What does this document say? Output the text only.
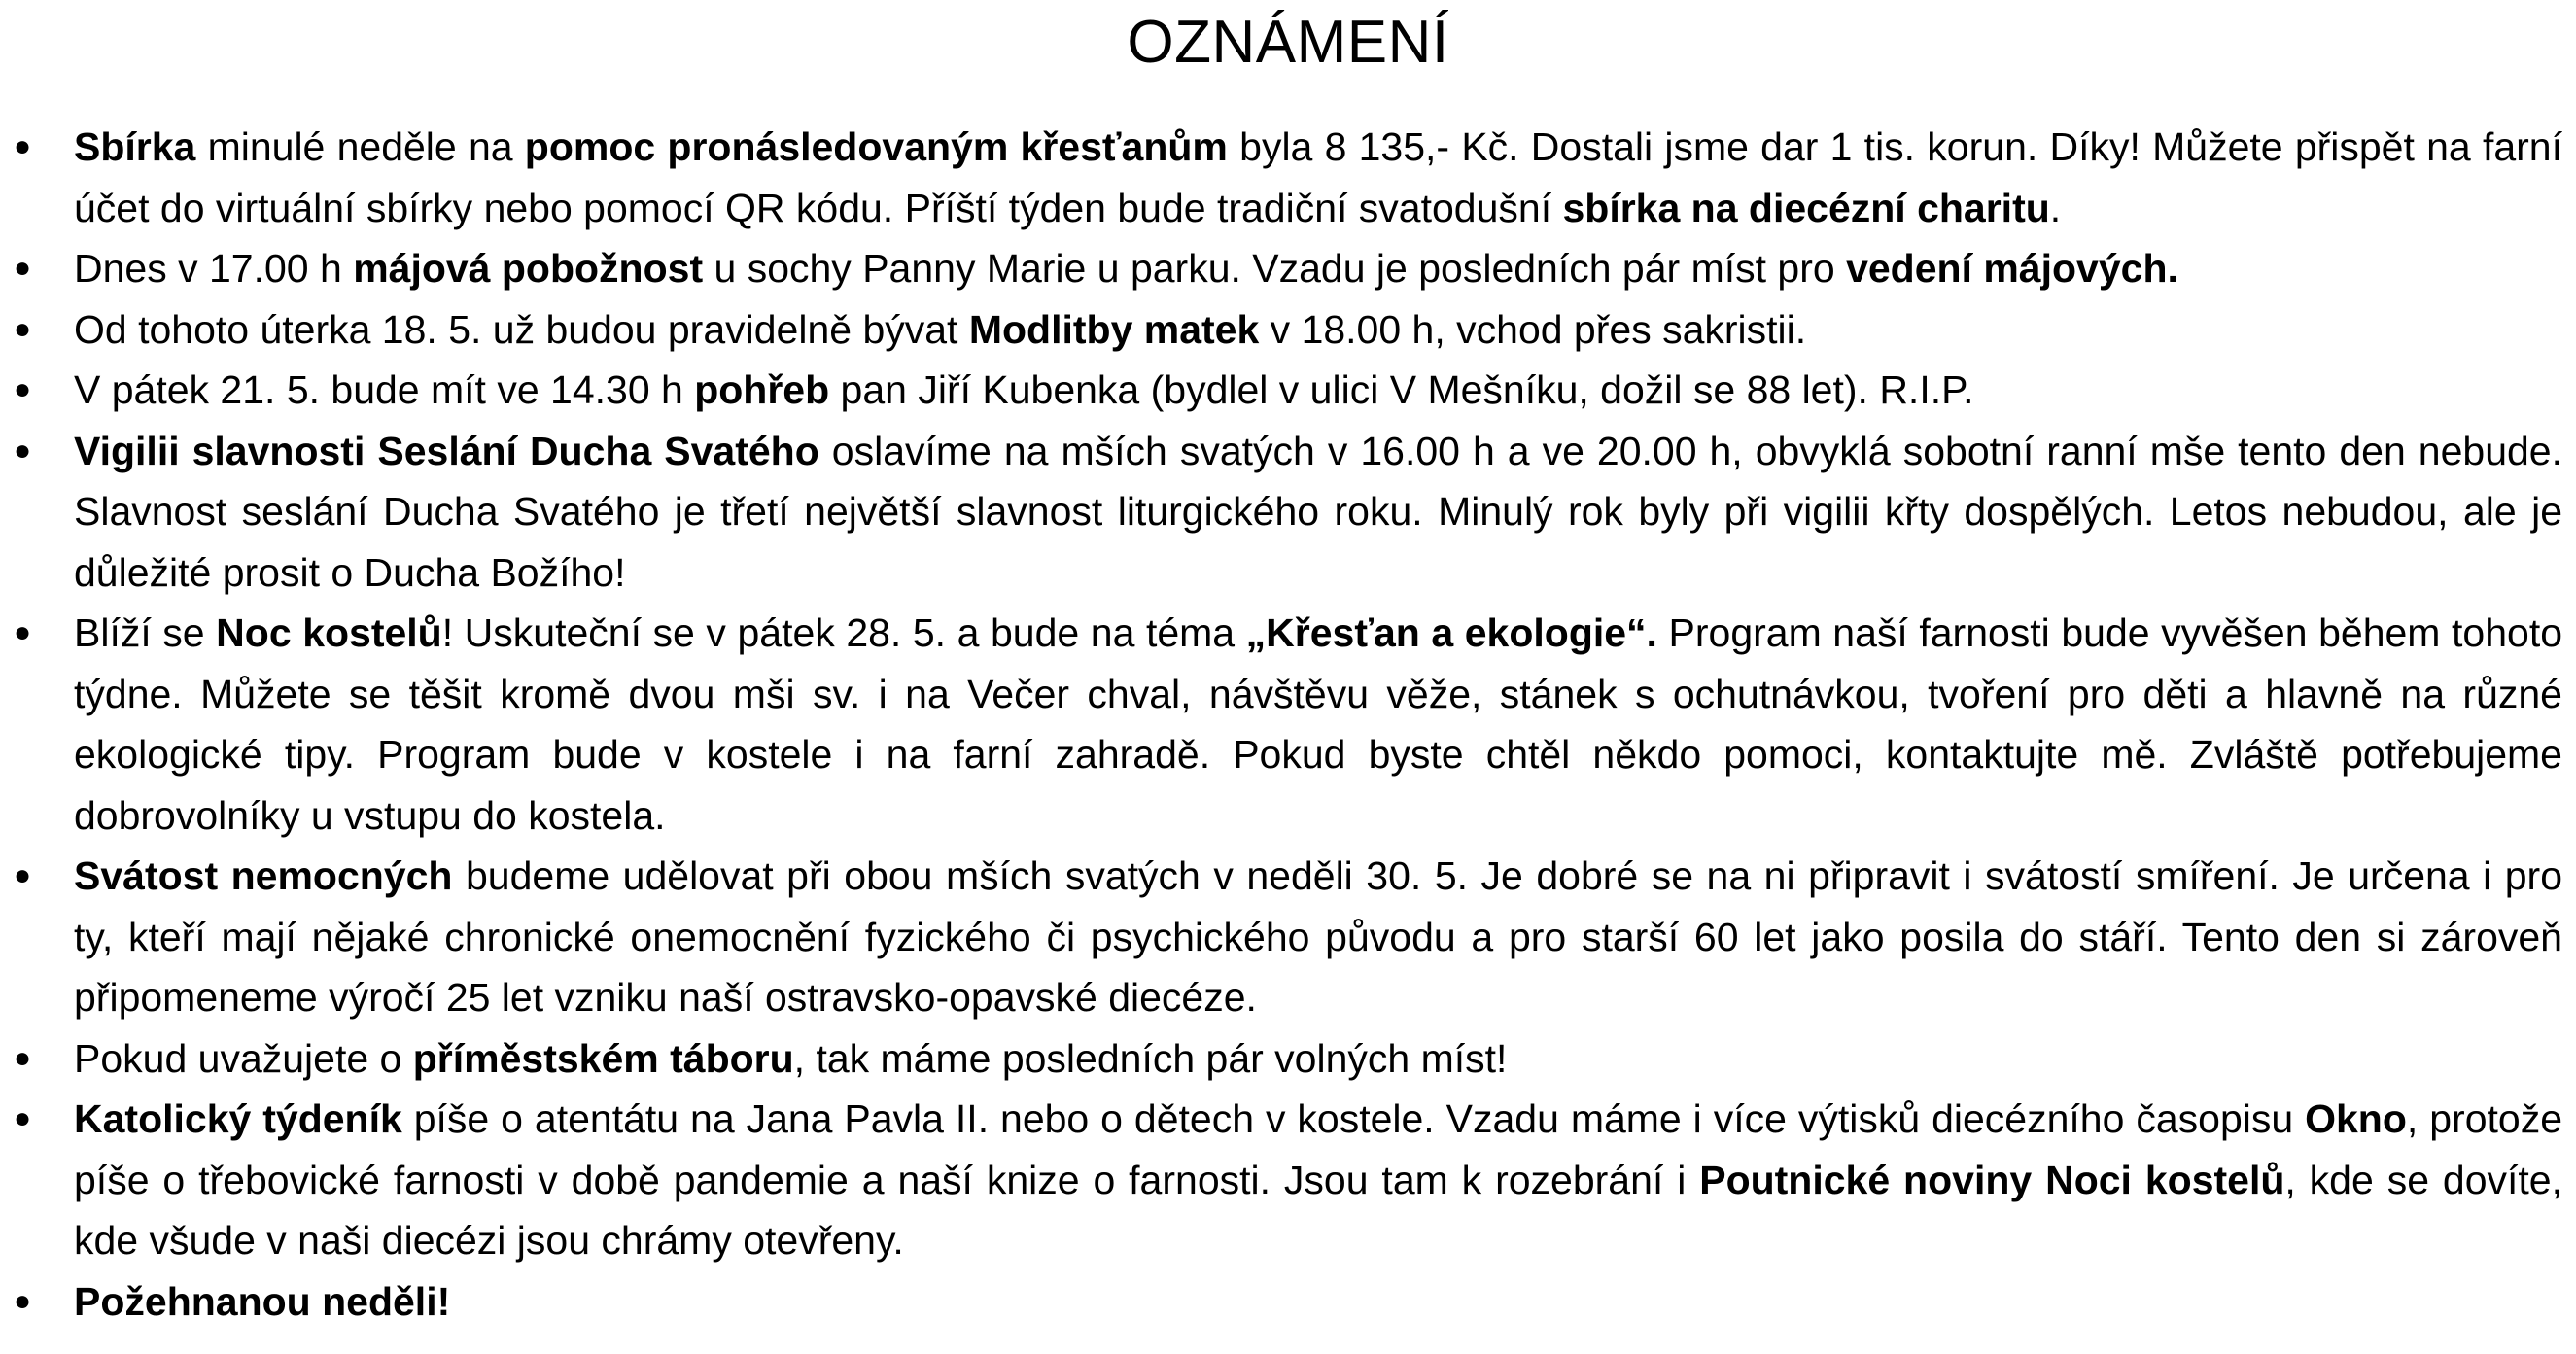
OZNÁMENÍ
●
Sbírka minulé neděle na pomoc pronásledovaným křesťanům byla 8 135,- Kč. Dostali jsme dar 1 tis. korun. Díky! Můžete přispět na farní účet do virtuální sbírky nebo pomocí QR kódu. Příští týden bude tradiční svatodušní sbírka na diecézní charitu.
●
Dnes v 17.00 h májová pobožnost u sochy Panny Marie u parku. Vzadu je posledních pár míst pro vedení májových.
●
Od tohoto úterka 18. 5. už budou pravidelně bývat Modlitby matek v 18.00 h, vchod přes sakristii.
●
V pátek 21. 5. bude mít ve 14.30 h pohřeb pan Jiří Kubenka (bydlel v ulici V Mešníku, dožil se 88 let). R.I.P.
●
Vigilii slavnosti Seslání Ducha Svatého oslavíme na mších svatých v 16.00 h a ve 20.00 h, obvyklá sobotní ranní mše tento den nebude. Slavnost seslání Ducha Svatého je třetí největší slavnost liturgického roku. Minulý rok byly při vigilii křty dospělých. Letos nebudou, ale je důležité prosit o Ducha Božího!
●
Blíží se Noc kostelů! Uskuteční se v pátek 28. 5. a bude na téma „Křesťan a ekologie“. Program naší farnosti bude vyvěšen během tohoto týdne. Můžete se těšit kromě dvou mši sv. i na Večer chval, návštěvu věže, stánek s ochutnávkou, tvoření pro děti a hlavně na různé ekologické tipy. Program bude v kostele i na farní zahradě. Pokud byste chtěl někdo pomoci, kontaktujte mě. Zvláště potřebujeme dobrovolníky u vstupu do kostela.
●
Svátost nemocných budeme udělovat při obou mších svatých v neděli 30. 5. Je dobré se na ni připravit i svátostí smíření. Je určena i pro ty, kteří mají nějaké chronické onemocnění fyzického či psychického původu a pro starší 60 let jako posila do stáří. Tento den si zároveň připomeneme výročí 25 let vzniku naší ostravsko-opavské diecéze.
●
Pokud uvažujete o příměstském táboru, tak máme posledních pár volných míst!
●
Katolický týdeník píše o atentátu na Jana Pavla II. nebo o dětech v kostele. Vzadu máme i více výtisků diecézního časopisu Okno, protože píše o třebovické farnosti v době pandemie a naší knize o farnosti. Jsou tam k rozebrání i Poutnické noviny Noci kostelů, kde se dovíte, kde všude v naši diecézi jsou chrámy otevřeny.
●
Požehnanou neděli!
